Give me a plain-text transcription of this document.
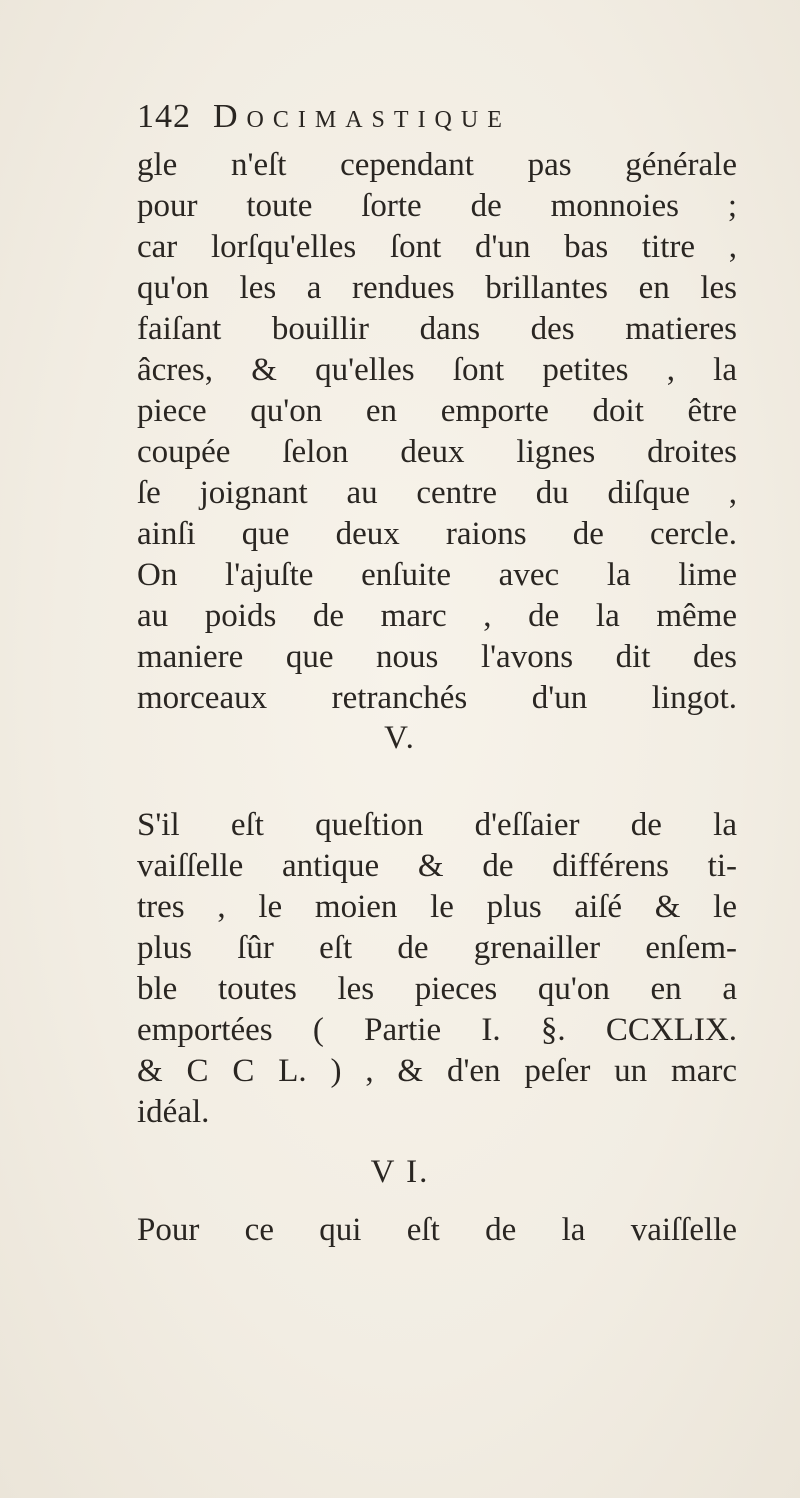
142 Docimastique
gle n'eſt cependant pas générale
pour toute ſorte de monnoies ;
car lorſqu'elles ſont d'un bas titre ,
qu'on les a rendues brillantes en les
faiſant bouillir dans des matieres
âcres, & qu'elles ſont petites , la
piece qu'on en emporte doit être
coupée ſelon deux lignes droites
ſe joignant au centre du diſque ,
ainſi que deux raions de cercle.
On l'ajuſte enſuite avec la lime
au poids de marc , de la même
maniere que nous l'avons dit des
morceaux retranchés d'un lingot.
V.
S'il eſt queſtion d'eſſaier de la
vaiſſelle antique & de différens ti-
tres , le moien le plus aiſé & le
plus ſûr eſt de grenailler enſem-
ble toutes les pieces qu'on en a
emportées ( Partie I. §. CCXLIX.
& C C L. ) , & d'en peſer un marc
idéal.
V I.
Pour ce qui eſt de la vaiſſelle
